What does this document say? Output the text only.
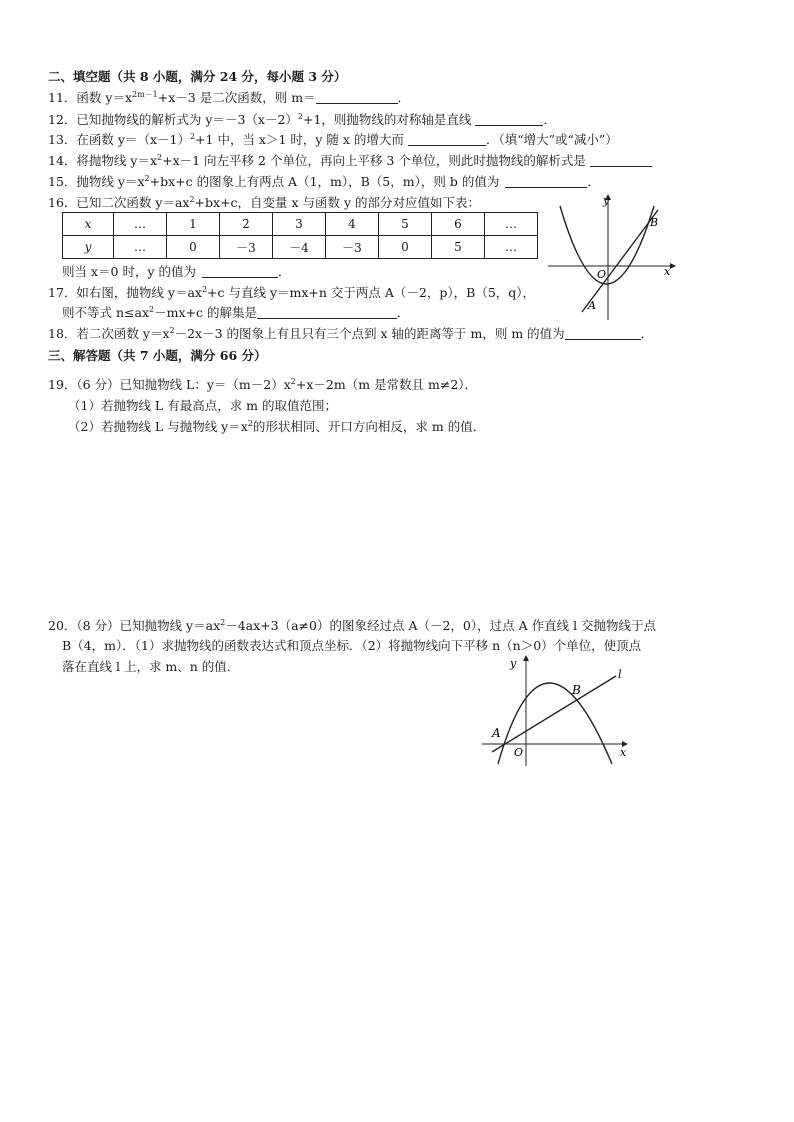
二、填空题（共 8 小题，满分 24 分，每小题 3 分）
11．函数 $y=x^{2m-1}+x-3$ 是二次函数，则 m＝	．
12．已知抛物线的解析式为 $y=-3(x-2)^2+1$，则抛物线的对称轴是直线	．
13．在函数 $y=(x-1)^2+1$ 中，当 x＞1 时，y 随 x 的增大而	．（填“增大”或“减小”）
14．将抛物线 $y=x^2+x-1$ 向左平移 2 个单位，再向上平移 3 个单位，则此时抛物线的解析式是
15．抛物线 $y=x^2+bx+c$ 的图象上有两点 A（1，m），B（5，m），则 b 的值为	．
16．已知二次函数 $y=ax^2+bx+c$，自变量 x 与函数 y 的部分对应值如下表：
x	…	1	2	3	4	5	6	…
y	…	0	－3	－4	－3	0	5	…
则当 x＝0 时，y 的值为	．
17．如右图，抛物线 $y=ax^2+c$ 与直线 y＝mx+n 交于两点 A（－2，p），B（5，q），
则不等式 $n\le ax^2-mx+c$ 的解集是	．
18．若二次函数 $y=x^2-2x-3$ 的图象上有且只有三个点到 x 轴的距离等于 m，则 m 的值为	．
三、解答题（共 7 小题，满分 66 分）
19．（6 分）已知抛物线 L：$y=(m-2)x^2+x-2m(m$ 是常数且 m≠2）．
（1）若抛物线 L 有最高点，求 m 的取值范围；
（2）若抛物线 L 与抛物线 $y=x^2$的形状相同、开口方向相反，求 m 的值．
20．（8 分）已知抛物线 $y=ax^2-4ax+3(a\ne 0)$的图象经过点 A（－2，0），过点 A 作直线 l 交抛物线于点
B（4，m）．（1）求抛物线的函数表达式和顶点坐标．（2）将抛物线向下平移 n（n＞0）个单位，使顶点
落在直线 l 上，求 m、n 的值．
x
y
O
A
B
y
x
O
A
B
l
